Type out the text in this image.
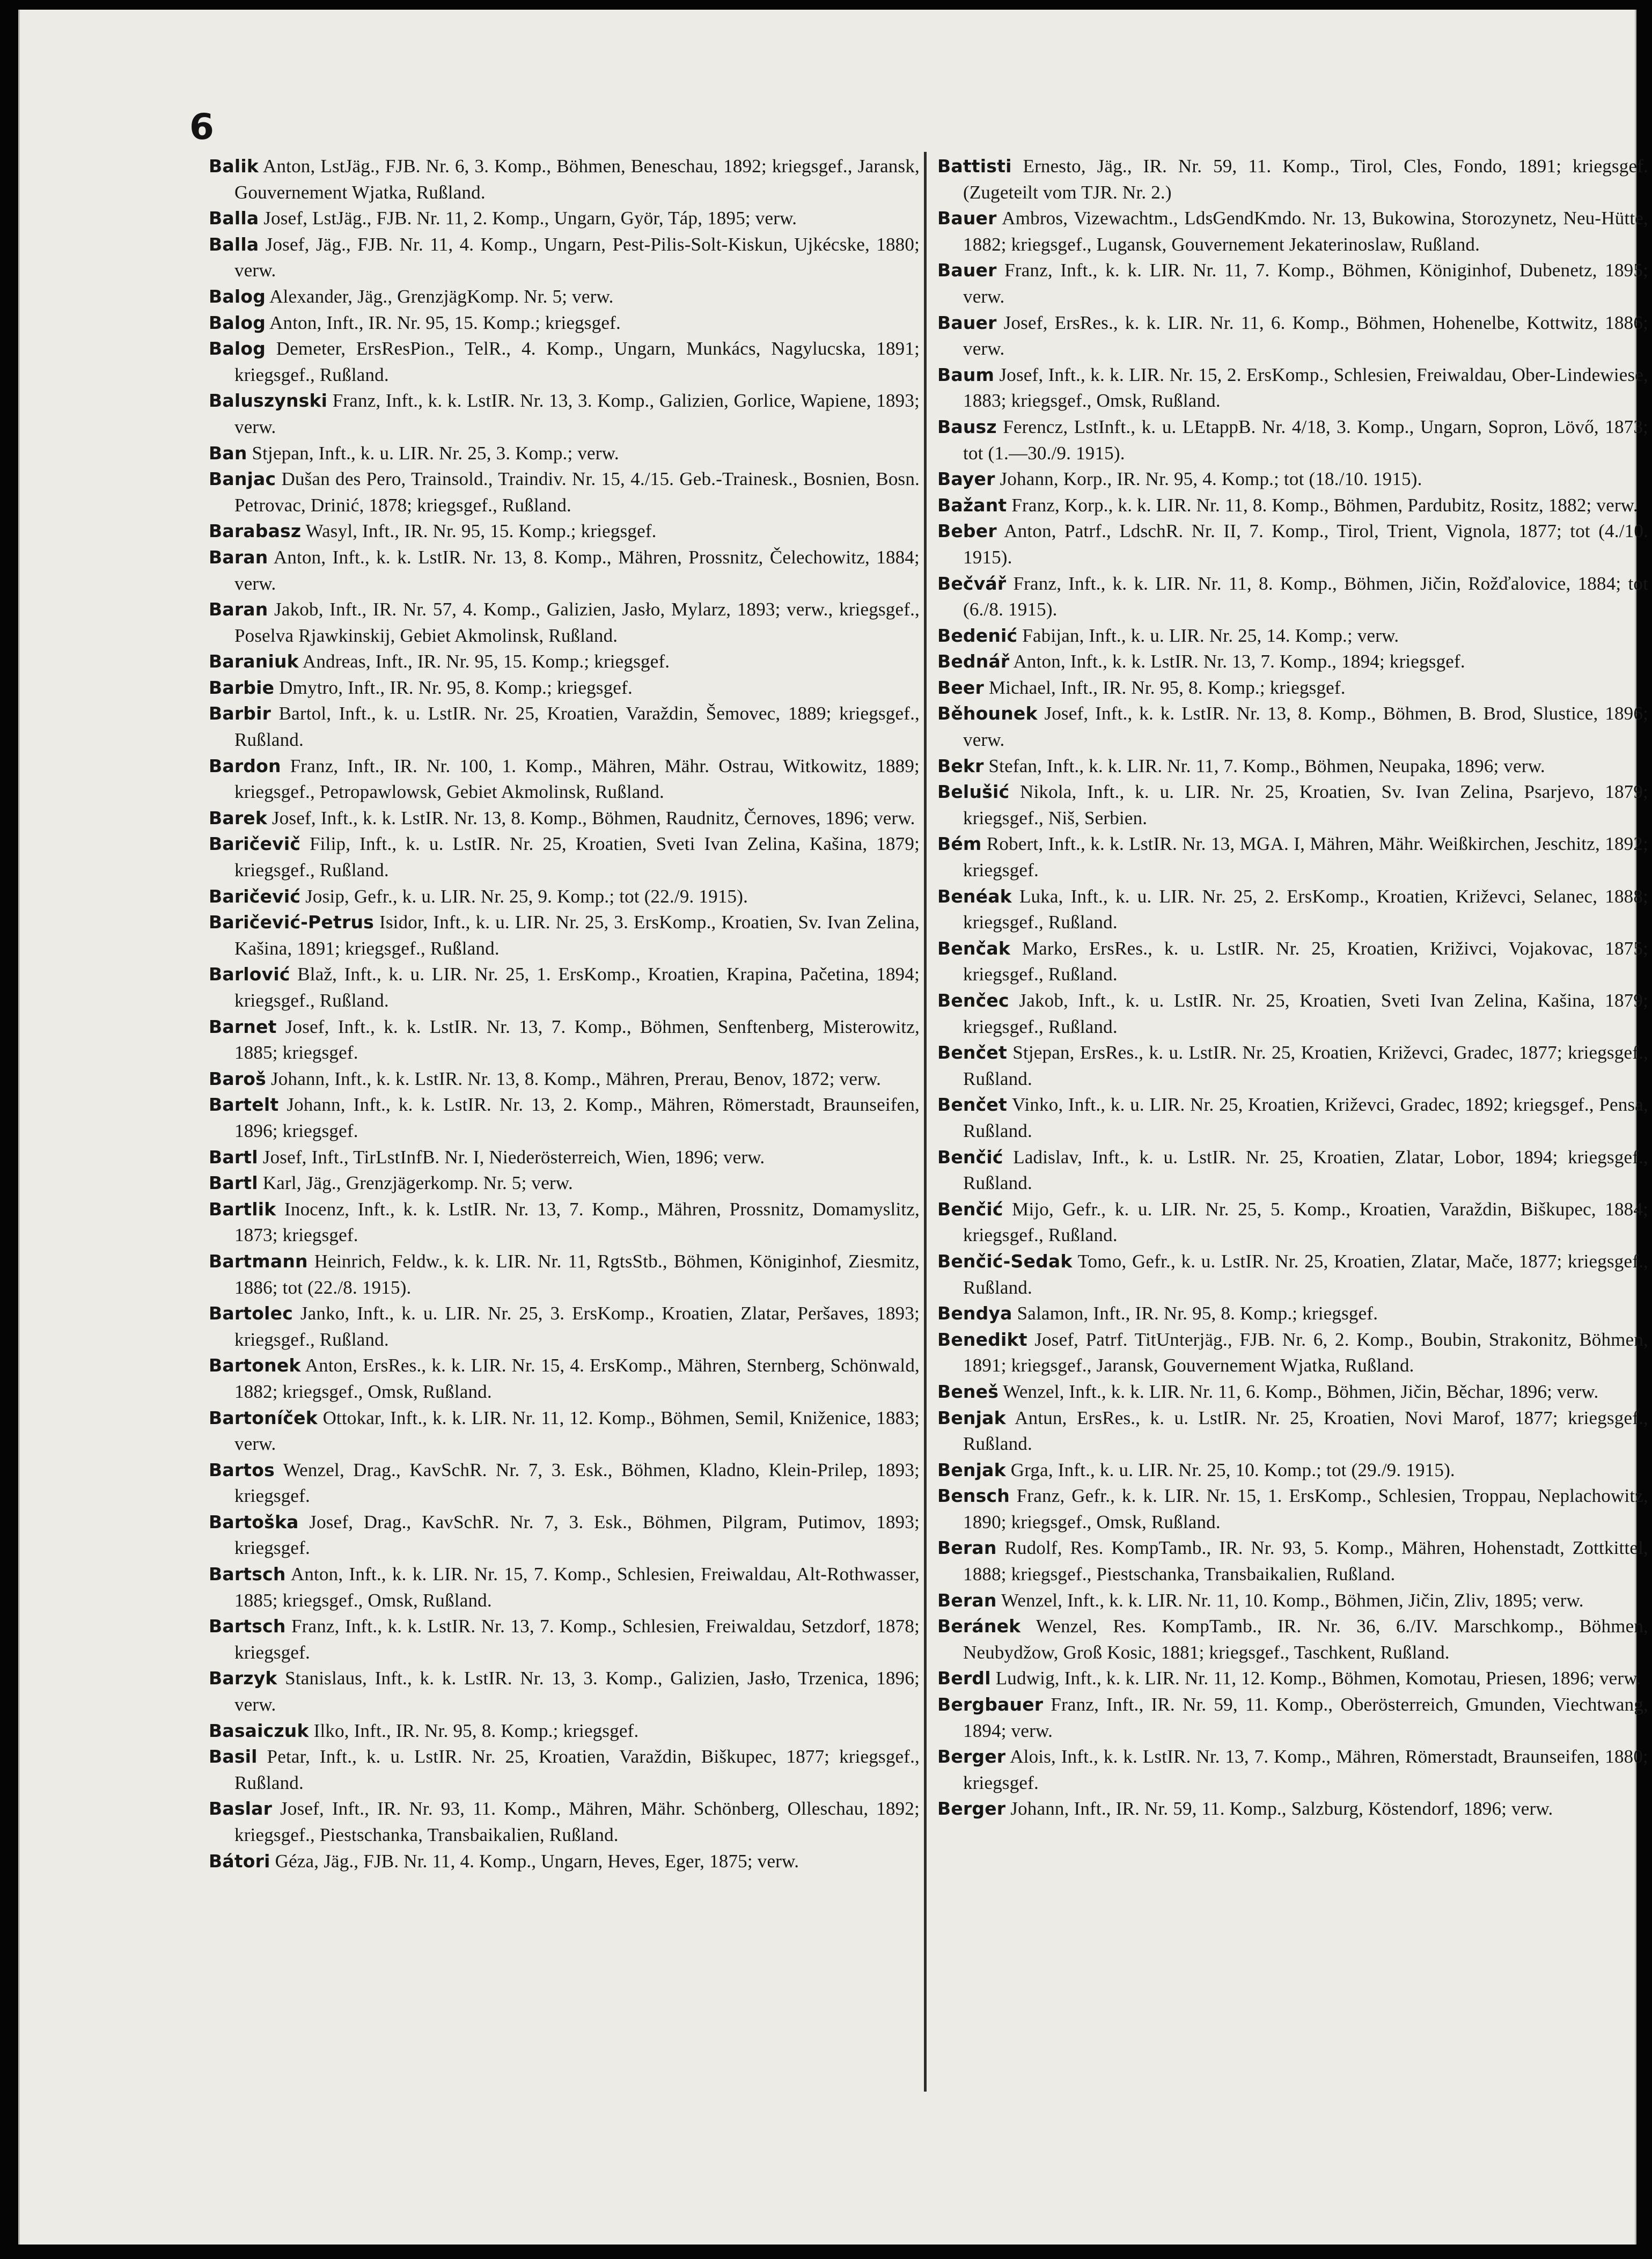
6

Balik Anton, LstJäg., FJB. Nr. 6, 3. Komp., Böhmen, Beneschau, 1892; kriegsgef., Jaransk, Gouvernement Wjatka, Rußland.

Balla Josef, LstJäg., FJB. Nr. 11, 2. Komp., Ungarn, Györ, Táp, 1895; verw.

Balla Josef, Jäg., FJB. Nr. 11, 4. Komp., Ungarn, Pest-Pilis-Solt-Kiskun, Ujkécske, 1880; verw.

Balog Alexander, Jäg., GrenzjägKomp. Nr. 5; verw.

Balog Anton, Inft., IR. Nr. 95, 15. Komp.; kriegsgef.

Balog Demeter, ErsResPion., TelR., 4. Komp., Ungarn, Munkács, Nagylucska, 1891; kriegsgef., Rußland.

Baluszynski Franz, Inft., k. k. LstIR. Nr. 13, 3. Komp., Galizien, Gorlice, Wapiene, 1893; verw.

Ban Stjepan, Inft., k. u. LIR. Nr. 25, 3. Komp.; verw.

Banjac Dušan des Pero, Trainsold., Traindiv. Nr. 15, 4./15. Geb.-Trainesk., Bosnien, Bosn. Petrovac, Drinić, 1878; kriegsgef., Rußland.

Barabasz Wasyl, Inft., IR. Nr. 95, 15. Komp.; kriegsgef.

Baran Anton, Inft., k. k. LstIR. Nr. 13, 8. Komp., Mähren, Prossnitz, Čelechowitz, 1884; verw.

Baran Jakob, Inft., IR. Nr. 57, 4. Komp., Galizien, Jasło, Mylarz, 1893; verw., kriegsgef., Poselva Rjawkinskij, Gebiet Akmolinsk, Rußland.

Baraniuk Andreas, Inft., IR. Nr. 95, 15. Komp.; kriegsgef.

Barbie Dmytro, Inft., IR. Nr. 95, 8. Komp.; kriegsgef.

Barbir Bartol, Inft., k. u. LstIR. Nr. 25, Kroatien, Varaždin, Šemovec, 1889; kriegsgef., Rußland.

Bardon Franz, Inft., IR. Nr. 100, 1. Komp., Mähren, Mähr. Ostrau, Witkowitz, 1889; kriegsgef., Petropawlowsk, Gebiet Akmolinsk, Rußland.

Barek Josef, Inft., k. k. LstIR. Nr. 13, 8. Komp., Böhmen, Raudnitz, Černoves, 1896; verw.

Baričevič Filip, Inft., k. u. LstIR. Nr. 25, Kroatien, Sveti Ivan Zelina, Kašina, 1879; kriegsgef., Rußland.

Baričević Josip, Gefr., k. u. LIR. Nr. 25, 9. Komp.; tot (22./9. 1915).

Baričević-Petrus Isidor, Inft., k. u. LIR. Nr. 25, 3. ErsKomp., Kroatien, Sv. Ivan Zelina, Kašina, 1891; kriegsgef., Rußland.

Barlović Blaž, Inft., k. u. LIR. Nr. 25, 1. ErsKomp., Kroatien, Krapina, Pačetina, 1894; kriegsgef., Rußland.

Barnet Josef, Inft., k. k. LstIR. Nr. 13, 7. Komp., Böhmen, Senftenberg, Misterowitz, 1885; kriegsgef.

Baroš Johann, Inft., k. k. LstIR. Nr. 13, 8. Komp., Mähren, Prerau, Benov, 1872; verw.

Bartelt Johann, Inft., k. k. LstIR. Nr. 13, 2. Komp., Mähren, Römerstadt, Braunseifen, 1896; kriegsgef.

Bartl Josef, Inft., TirLstInfB. Nr. I, Niederösterreich, Wien, 1896; verw.

Bartl Karl, Jäg., Grenzjägerkomp. Nr. 5; verw.

Bartlik Inocenz, Inft., k. k. LstIR. Nr. 13, 7. Komp., Mähren, Prossnitz, Domamyslitz, 1873; kriegsgef.

Bartmann Heinrich, Feldw., k. k. LIR. Nr. 11, RgtsStb., Böhmen, Königinhof, Ziesmitz, 1886; tot (22./8. 1915).

Bartolec Janko, Inft., k. u. LIR. Nr. 25, 3. ErsKomp., Kroatien, Zlatar, Peršaves, 1893; kriegsgef., Rußland.

Bartonek Anton, ErsRes., k. k. LIR. Nr. 15, 4. ErsKomp., Mähren, Sternberg, Schönwald, 1882; kriegsgef., Omsk, Rußland.

Bartoníček Ottokar, Inft., k. k. LIR. Nr. 11, 12. Komp., Böhmen, Semil, Kniženice, 1883; verw.

Bartos Wenzel, Drag., KavSchR. Nr. 7, 3. Esk., Böhmen, Kladno, Klein-Prilep, 1893; kriegsgef.

Bartoška Josef, Drag., KavSchR. Nr. 7, 3. Esk., Böhmen, Pilgram, Putimov, 1893; kriegsgef.

Bartsch Anton, Inft., k. k. LIR. Nr. 15, 7. Komp., Schlesien, Freiwaldau, Alt-Rothwasser, 1885; kriegsgef., Omsk, Rußland.

Bartsch Franz, Inft., k. k. LstIR. Nr. 13, 7. Komp., Schlesien, Freiwaldau, Setzdorf, 1878; kriegsgef.

Barzyk Stanislaus, Inft., k. k. LstIR. Nr. 13, 3. Komp., Galizien, Jasło, Trzenica, 1896; verw.

Basaiczuk Ilko, Inft., IR. Nr. 95, 8. Komp.; kriegsgef.

Basil Petar, Inft., k. u. LstIR. Nr. 25, Kroatien, Varaždin, Biškupec, 1877; kriegsgef., Rußland.

Baslar Josef, Inft., IR. Nr. 93, 11. Komp., Mähren, Mähr. Schönberg, Olleschau, 1892; kriegsgef., Piestschanka, Transbaikalien, Rußland.

Bátori Géza, Jäg., FJB. Nr. 11, 4. Komp., Ungarn, Heves, Eger, 1875; verw.

Battisti Ernesto, Jäg., IR. Nr. 59, 11. Komp., Tirol, Cles, Fondo, 1891; kriegsgef. (Zugeteilt vom TJR. Nr. 2.)

Bauer Ambros, Vizewachtm., LdsGendKmdo. Nr. 13, Bukowina, Storozynetz, Neu-Hütte, 1882; kriegsgef., Lugansk, Gouvernement Jekaterinoslaw, Rußland.

Bauer Franz, Inft., k. k. LIR. Nr. 11, 7. Komp., Böhmen, Königinhof, Dubenetz, 1895; verw.

Bauer Josef, ErsRes., k. k. LIR. Nr. 11, 6. Komp., Böhmen, Hohenelbe, Kottwitz, 1886; verw.

Baum Josef, Inft., k. k. LIR. Nr. 15, 2. ErsKomp., Schlesien, Freiwaldau, Ober-Lindewiese, 1883; kriegsgef., Omsk, Rußland.

Bausz Ferencz, LstInft., k. u. LEtappB. Nr. 4/18, 3. Komp., Ungarn, Sopron, Lövő, 1873; tot (1.—30./9. 1915).

Bayer Johann, Korp., IR. Nr. 95, 4. Komp.; tot (18./10. 1915).

Bažant Franz, Korp., k. k. LIR. Nr. 11, 8. Komp., Böhmen, Pardubitz, Rositz, 1882; verw.

Beber Anton, Patrf., LdschR. Nr. II, 7. Komp., Tirol, Trient, Vignola, 1877; tot (4./10. 1915).

Bečvář Franz, Inft., k. k. LIR. Nr. 11, 8. Komp., Böhmen, Jičin, Rožďalovice, 1884; tot (6./8. 1915).

Bedenić Fabijan, Inft., k. u. LIR. Nr. 25, 14. Komp.; verw.

Bednář Anton, Inft., k. k. LstIR. Nr. 13, 7. Komp., 1894; kriegsgef.

Beer Michael, Inft., IR. Nr. 95, 8. Komp.; kriegsgef.

Běhounek Josef, Inft., k. k. LstIR. Nr. 13, 8. Komp., Böhmen, B. Brod, Slustice, 1896; verw.

Bekr Stefan, Inft., k. k. LIR. Nr. 11, 7. Komp., Böhmen, Neupaka, 1896; verw.

Belušić Nikola, Inft., k. u. LIR. Nr. 25, Kroatien, Sv. Ivan Zelina, Psarjevo, 1879; kriegsgef., Niš, Serbien.

Bém Robert, Inft., k. k. LstIR. Nr. 13, MGA. I, Mähren, Mähr. Weißkirchen, Jeschitz, 1892; kriegsgef.

Benéak Luka, Inft., k. u. LIR. Nr. 25, 2. ErsKomp., Kroatien, Križevci, Selanec, 1888; kriegsgef., Rußland.

Benčak Marko, ErsRes., k. u. LstIR. Nr. 25, Kroatien, Križivci, Vojakovac, 1875; kriegsgef., Rußland.

Benčec Jakob, Inft., k. u. LstIR. Nr. 25, Kroatien, Sveti Ivan Zelina, Kašina, 1879; kriegsgef., Rußland.

Benčet Stjepan, ErsRes., k. u. LstIR. Nr. 25, Kroatien, Križevci, Gradec, 1877; kriegsgef., Rußland.

Benčet Vinko, Inft., k. u. LIR. Nr. 25, Kroatien, Križevci, Gradec, 1892; kriegsgef., Pensa, Rußland.

Benčić Ladislav, Inft., k. u. LstIR. Nr. 25, Kroatien, Zlatar, Lobor, 1894; kriegsgef., Rußland.

Benčić Mijo, Gefr., k. u. LIR. Nr. 25, 5. Komp., Kroatien, Varaždin, Biškupec, 1884; kriegsgef., Rußland.

Benčić-Sedak Tomo, Gefr., k. u. LstIR. Nr. 25, Kroatien, Zlatar, Mače, 1877; kriegsgef., Rußland.

Bendya Salamon, Inft., IR. Nr. 95, 8. Komp.; kriegsgef.

Benedikt Josef, Patrf. TitUnterjäg., FJB. Nr. 6, 2. Komp., Boubin, Strakonitz, Böhmen, 1891; kriegsgef., Jaransk, Gouvernement Wjatka, Rußland.

Beneš Wenzel, Inft., k. k. LIR. Nr. 11, 6. Komp., Böhmen, Jičin, Běchar, 1896; verw.

Benjak Antun, ErsRes., k. u. LstIR. Nr. 25, Kroatien, Novi Marof, 1877; kriegsgef., Rußland.

Benjak Grga, Inft., k. u. LIR. Nr. 25, 10. Komp.; tot (29./9. 1915).

Bensch Franz, Gefr., k. k. LIR. Nr. 15, 1. ErsKomp., Schlesien, Troppau, Neplachowitz, 1890; kriegsgef., Omsk, Rußland.

Beran Rudolf, Res. KompTamb., IR. Nr. 93, 5. Komp., Mähren, Hohenstadt, Zottkittel, 1888; kriegsgef., Piestschanka, Transbaikalien, Rußland.

Beran Wenzel, Inft., k. k. LIR. Nr. 11, 10. Komp., Böhmen, Jičin, Zliv, 1895; verw.

Beránek Wenzel, Res. KompTamb., IR. Nr. 36, 6./IV. Marschkomp., Böhmen, Neubydžow, Groß Kosic, 1881; kriegsgef., Taschkent, Rußland.

Berdl Ludwig, Inft., k. k. LIR. Nr. 11, 12. Komp., Böhmen, Komotau, Priesen, 1896; verw.

Bergbauer Franz, Inft., IR. Nr. 59, 11. Komp., Oberösterreich, Gmunden, Viechtwang, 1894; verw.

Berger Alois, Inft., k. k. LstIR. Nr. 13, 7. Komp., Mähren, Römerstadt, Braunseifen, 1880; kriegsgef.

Berger Johann, Inft., IR. Nr. 59, 11. Komp., Salzburg, Köstendorf, 1896; verw.
